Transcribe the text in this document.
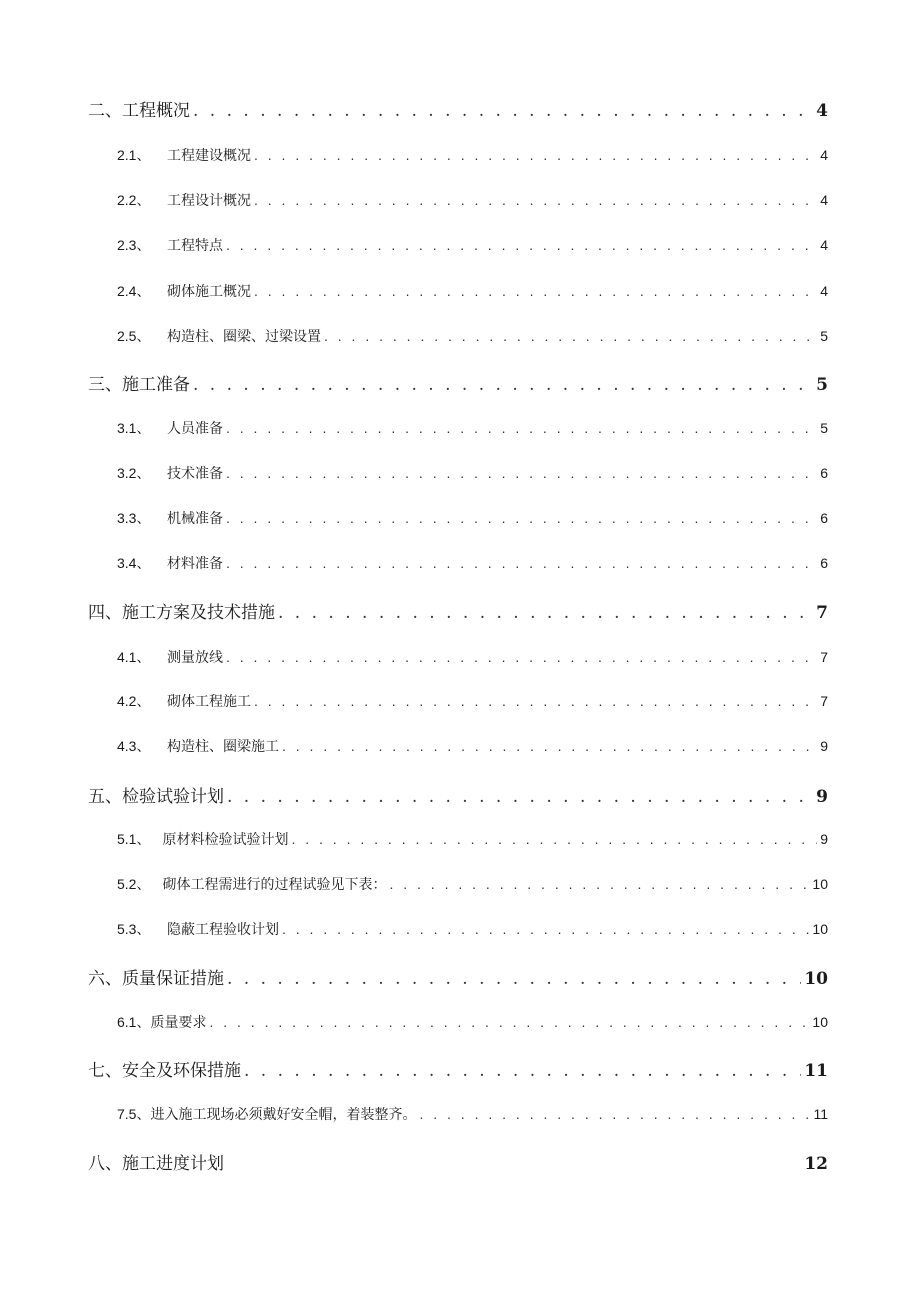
二、 工程概况 . . .	4
2.1、	工程建设概况 . . .	4
2.2、	工程设计概况 . . .	4
2.3、	工程特点 . . .	4
2.4、	砌体施工概况 . . .	4
2.5、	构造柱、圈梁、过梁设置 . . .	5
三、 施工准备 . . .	5
3.1、	人员准备 . . .	5
3.2、	技术准备 . . .	6
3.3、	机械准备 . . .	6
3.4、	材料准备 . . .	6
四、 施工方案及技术措施 . . .	7
4.1、	测量放线 . . .	7
4.2、	砌体工程施工 . . .	7
4.3、	构造柱、圈梁施工 . . .	9
五、 检验试验计划 . . .	9
5.1、 原材料检验试验计划 . . .	9
5.2、 砌体工程需进行的过程试验见下表： . . .	10
5.3、	隐蔽工程验收计划 . . .	10
六、 质量保证措施 . . .	10
6.1、 质量要求 . . .	10
七、 安全及环保措施 . . .	11
7.5、 进入施工现场必须戴好安全帽，着装整齐。 . . .	11
八、 施工进度计划	12
